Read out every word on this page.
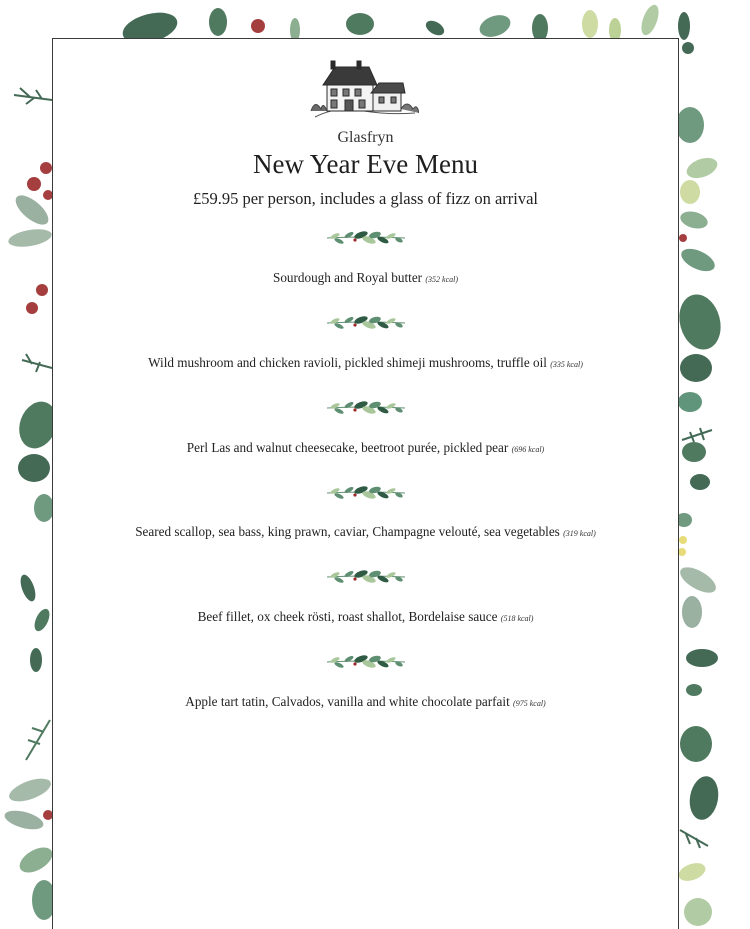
Glasfryn
New Year Eve Menu
£59.95 per person, includes a glass of fizz on arrival
Sourdough and Royal butter (352 kcal)
Wild mushroom and chicken ravioli, pickled shimeji mushrooms, truffle oil (335 kcal)
Perl Las and walnut cheesecake, beetroot purée, pickled pear (696 kcal)
Seared scallop, sea bass, king prawn, caviar, Champagne velouté, sea vegetables (319 kcal)
Beef fillet, ox cheek rösti, roast shallot, Bordelaise sauce (518 kcal)
Apple tart tatin, Calvados, vanilla and white chocolate parfait (975 kcal)
